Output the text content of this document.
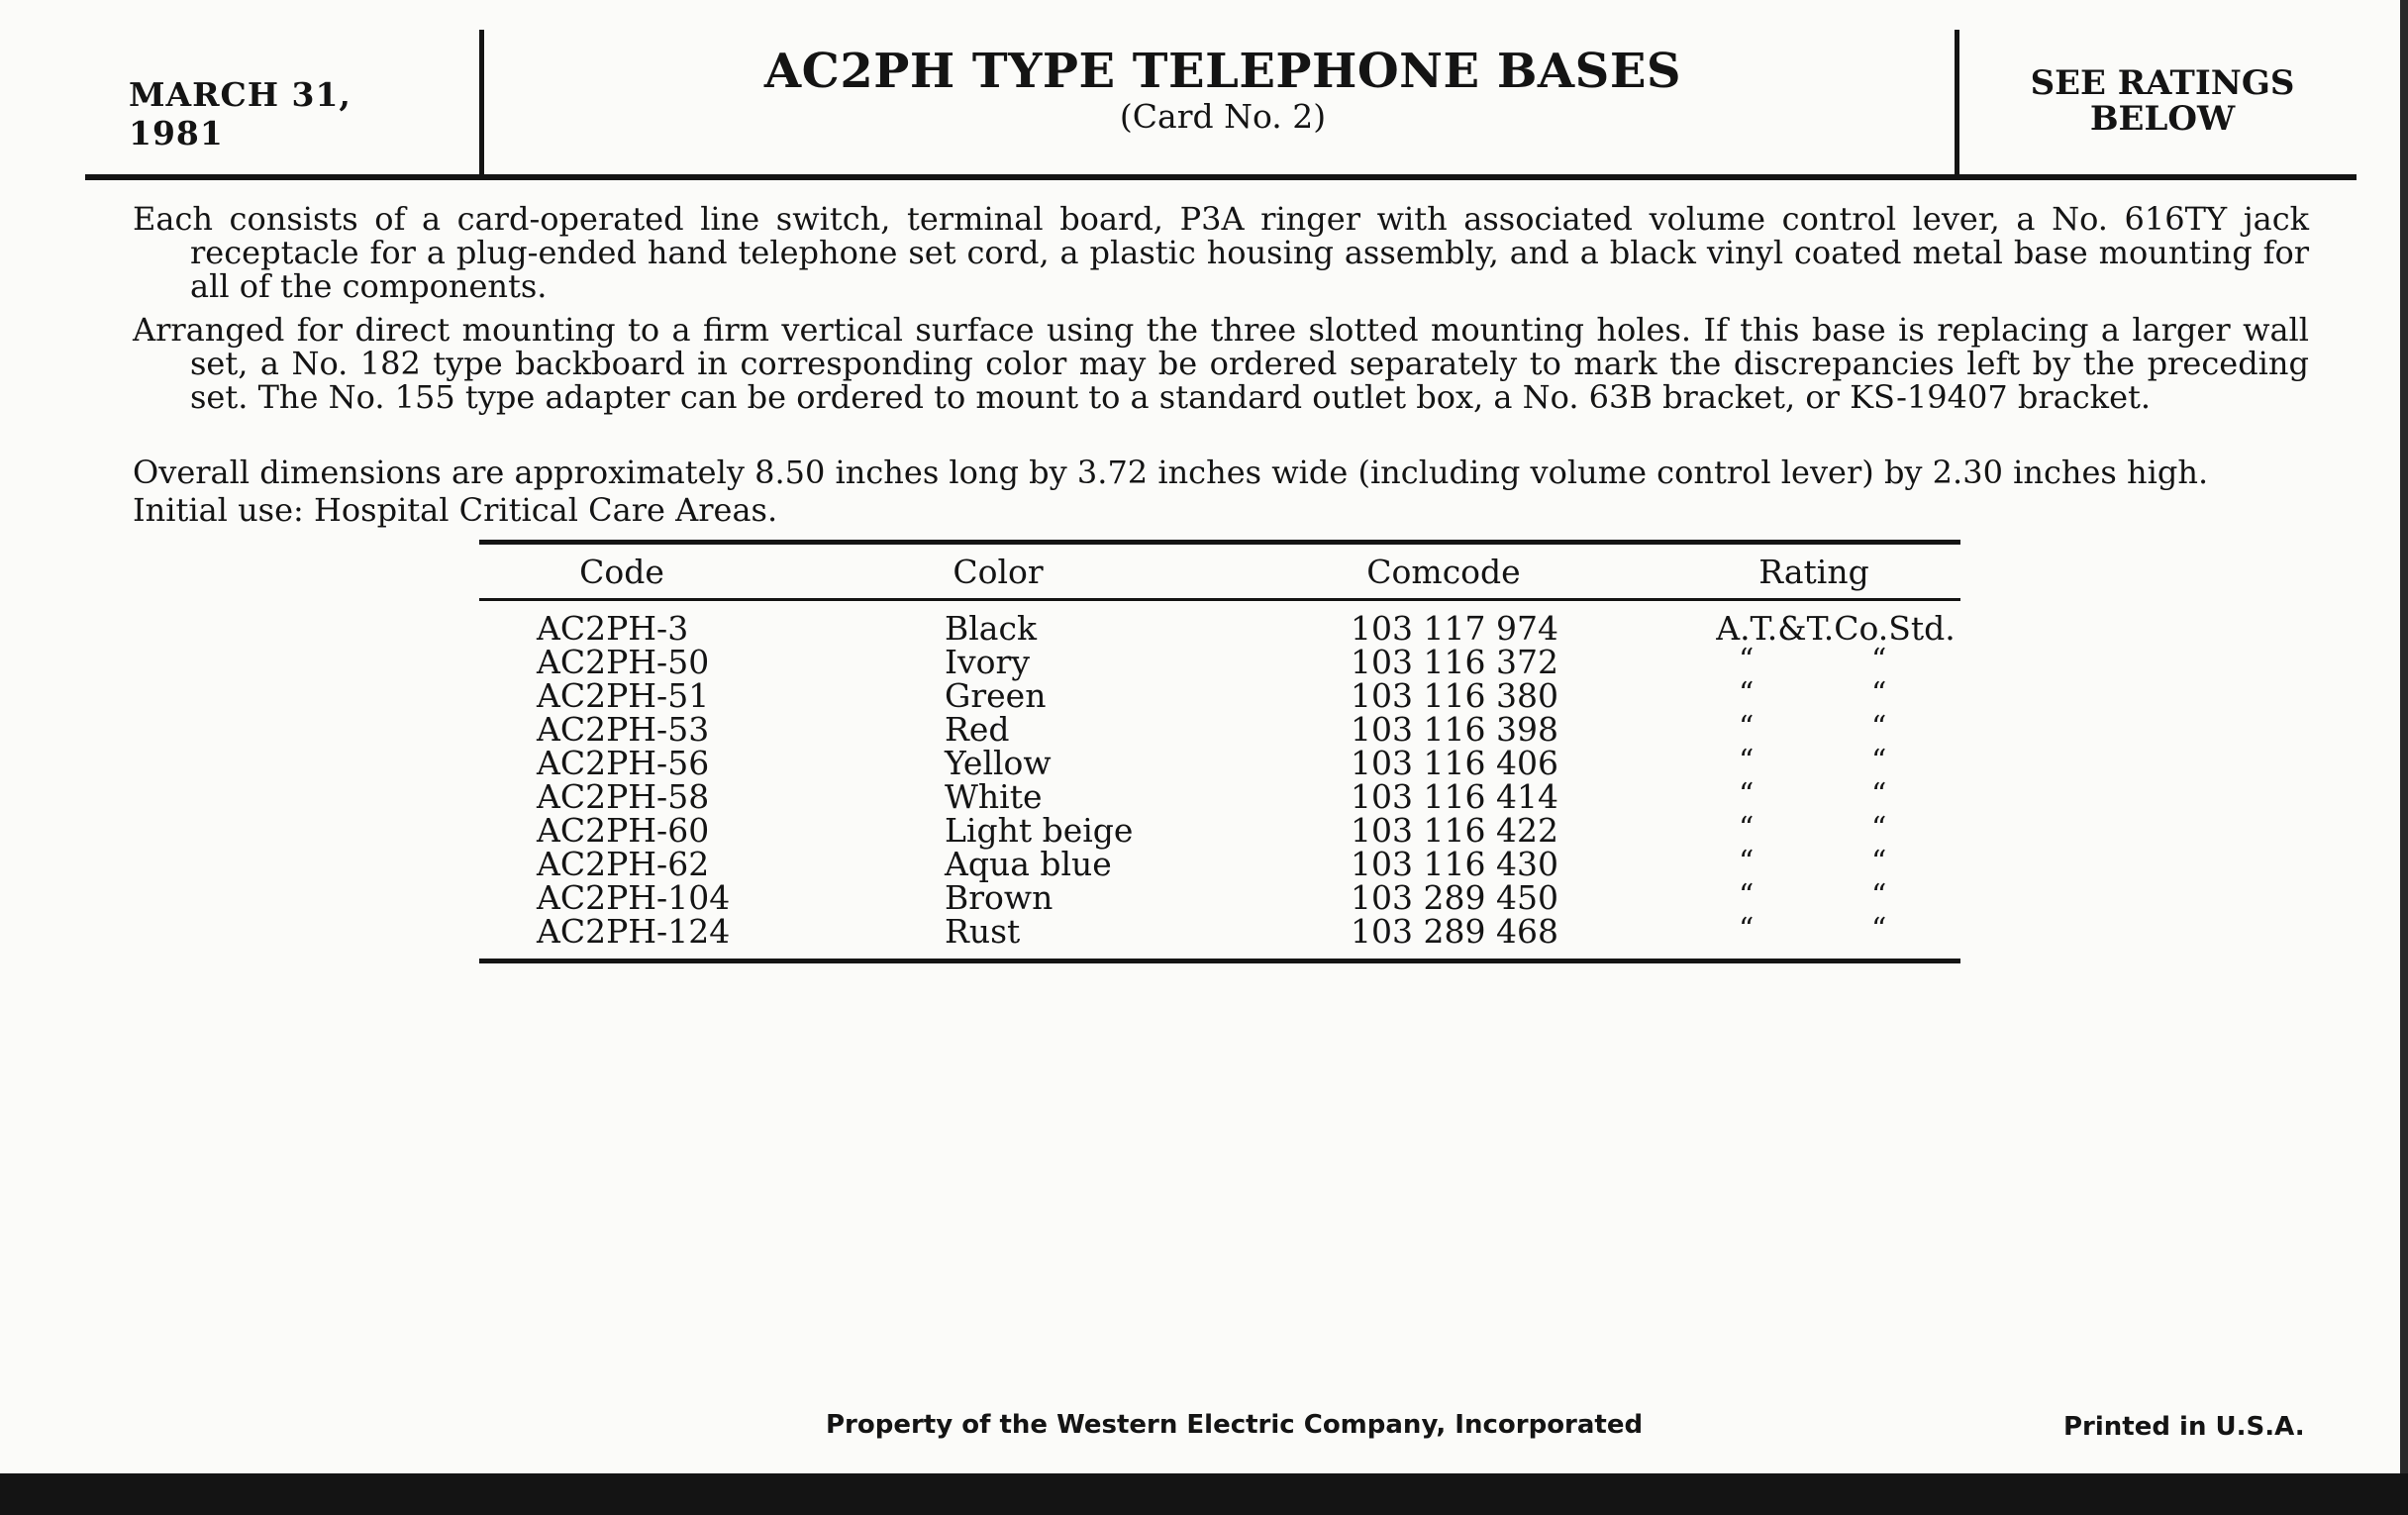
MARCH 31, 1981
AC2PH TYPE TELEPHONE BASES
(Card No. 2)
SEE RATINGS
BELOW
Each consists of a card-operated line switch, terminal board, P3A ringer with associated volume control lever, a No. 616TY jack receptacle for a plug-ended hand telephone set cord, a plastic housing assembly, and a black vinyl coated metal base mounting for all of the components.
Arranged for direct mounting to a firm vertical surface using the three slotted mounting holes. If this base is replacing a larger wall set, a No. 182 type backboard in corresponding color may be ordered separately to mark the discrepancies left by the preceding set. The No. 155 type adapter can be ordered to mount to a standard outlet box, a No. 63B bracket, or KS-19407 bracket.
Overall dimensions are approximately 8.50 inches long by 3.72 inches wide (including volume control lever) by 2.30 inches high.
Initial use: Hospital Critical Care Areas.
Code	Color	Comcode	Rating
AC2PH-3	Black	103 117 974	A.T.&T.Co.Std.
AC2PH-50	Ivory	103 116 372	“	“
AC2PH-51	Green	103 116 380	“	“
AC2PH-53	Red	103 116 398	“	“
AC2PH-56	Yellow	103 116 406	“	“
AC2PH-58	White	103 116 414	“	“
AC2PH-60	Light beige	103 116 422	“	“
AC2PH-62	Aqua blue	103 116 430	“	“
AC2PH-104	Brown	103 289 450	“	“
AC2PH-124	Rust	103 289 468	“	“
Property of the Western Electric Company, Incorporated	Printed in U.S.A.
